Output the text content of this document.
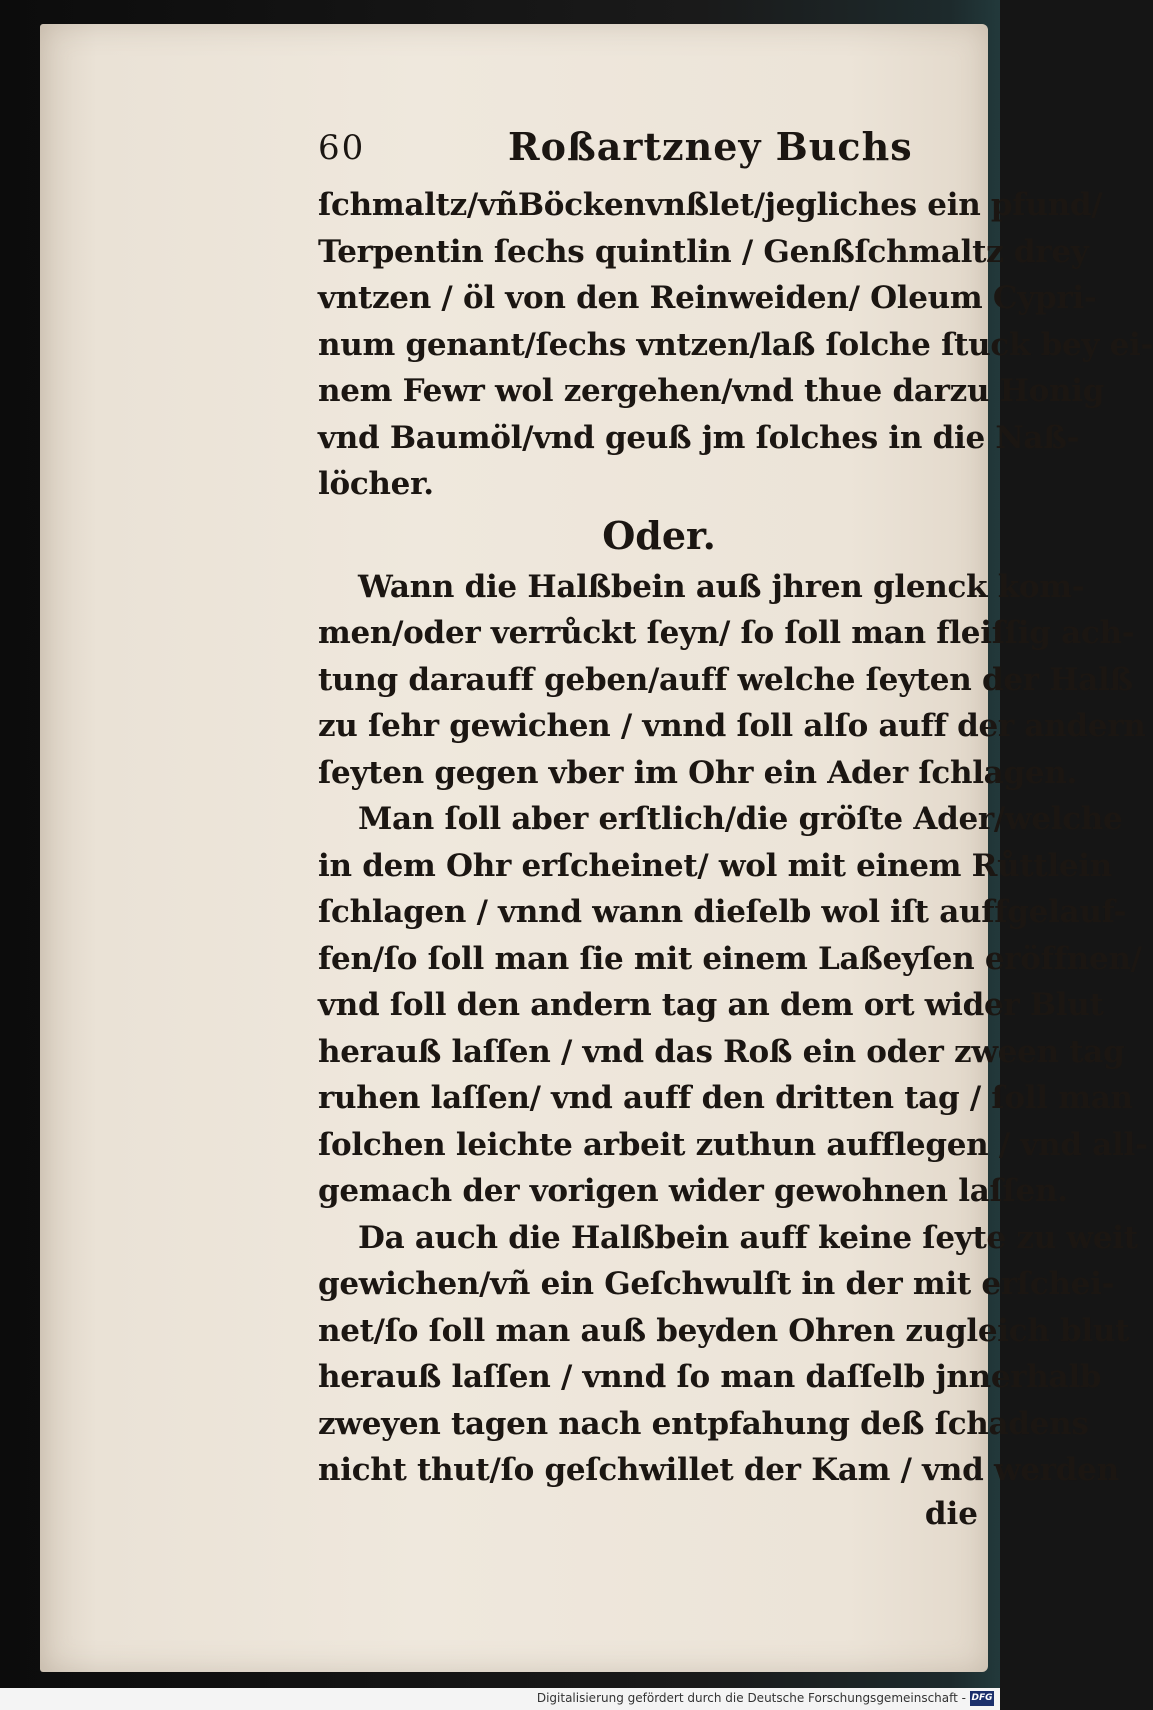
60	Roßartzney Buchs
ſchmaltz/vñBöckenvnßlet/jegliches ein pfund/
Terpentin ſechs quintlin / Genßſchmaltz drey
vntzen / öl von den Reinweiden/ Oleum Cypri-
num genant/ſechs vntzen/laß ſolche ſtuck bey ei-
nem Fewr wol zergehen/vnd thue darzu Honig
vnd Baumöl/vnd geuß jm ſolches in die Naß-
löcher.
Oder.
Wann die Halßbein auß jhren glenck kom-
men/oder verrůckt ſeyn/ ſo ſoll man fleiſſig ach-
tung darauff geben/auff welche ſeyten der Halß
zu ſehr gewichen / vnnd ſoll alſo auff der andern
ſeyten gegen vber im Ohr ein Ader ſchlagen.
Man ſoll aber erſtlich/die gröſte Ader/welche
in dem Ohr erſcheinet/ wol mit einem Růttlein
ſchlagen / vnnd wann dieſelb wol iſt auffgelauf-
fen/ſo ſoll man ſie mit einem Laßeyſen eröffnen/
vnd ſoll den andern tag an dem ort wider Blut
herauß laſſen / vnd das Roß ein oder zween tag
ruhen laſſen/ vnd auff den dritten tag / ſoll man
ſolchen leichte arbeit zuthun aufflegen / vnd all-
gemach der vorigen wider gewohnen laſſen.
Da auch die Halßbein auff keine ſeyte zu weit
gewichen/vñ ein Geſchwulſt in der mit erſchei-
net/ſo ſoll man auß beyden Ohren zugleich blut
herauß laſſen / vnnd ſo man daſſelb jnnerhalb
zweyen tagen nach entpfahung deß ſchadens
nicht thut/ſo geſchwillet der Kam / vnd werden
die
Digitalisierung gefördert durch die Deutsche Forschungsgemeinschaft - DFG
